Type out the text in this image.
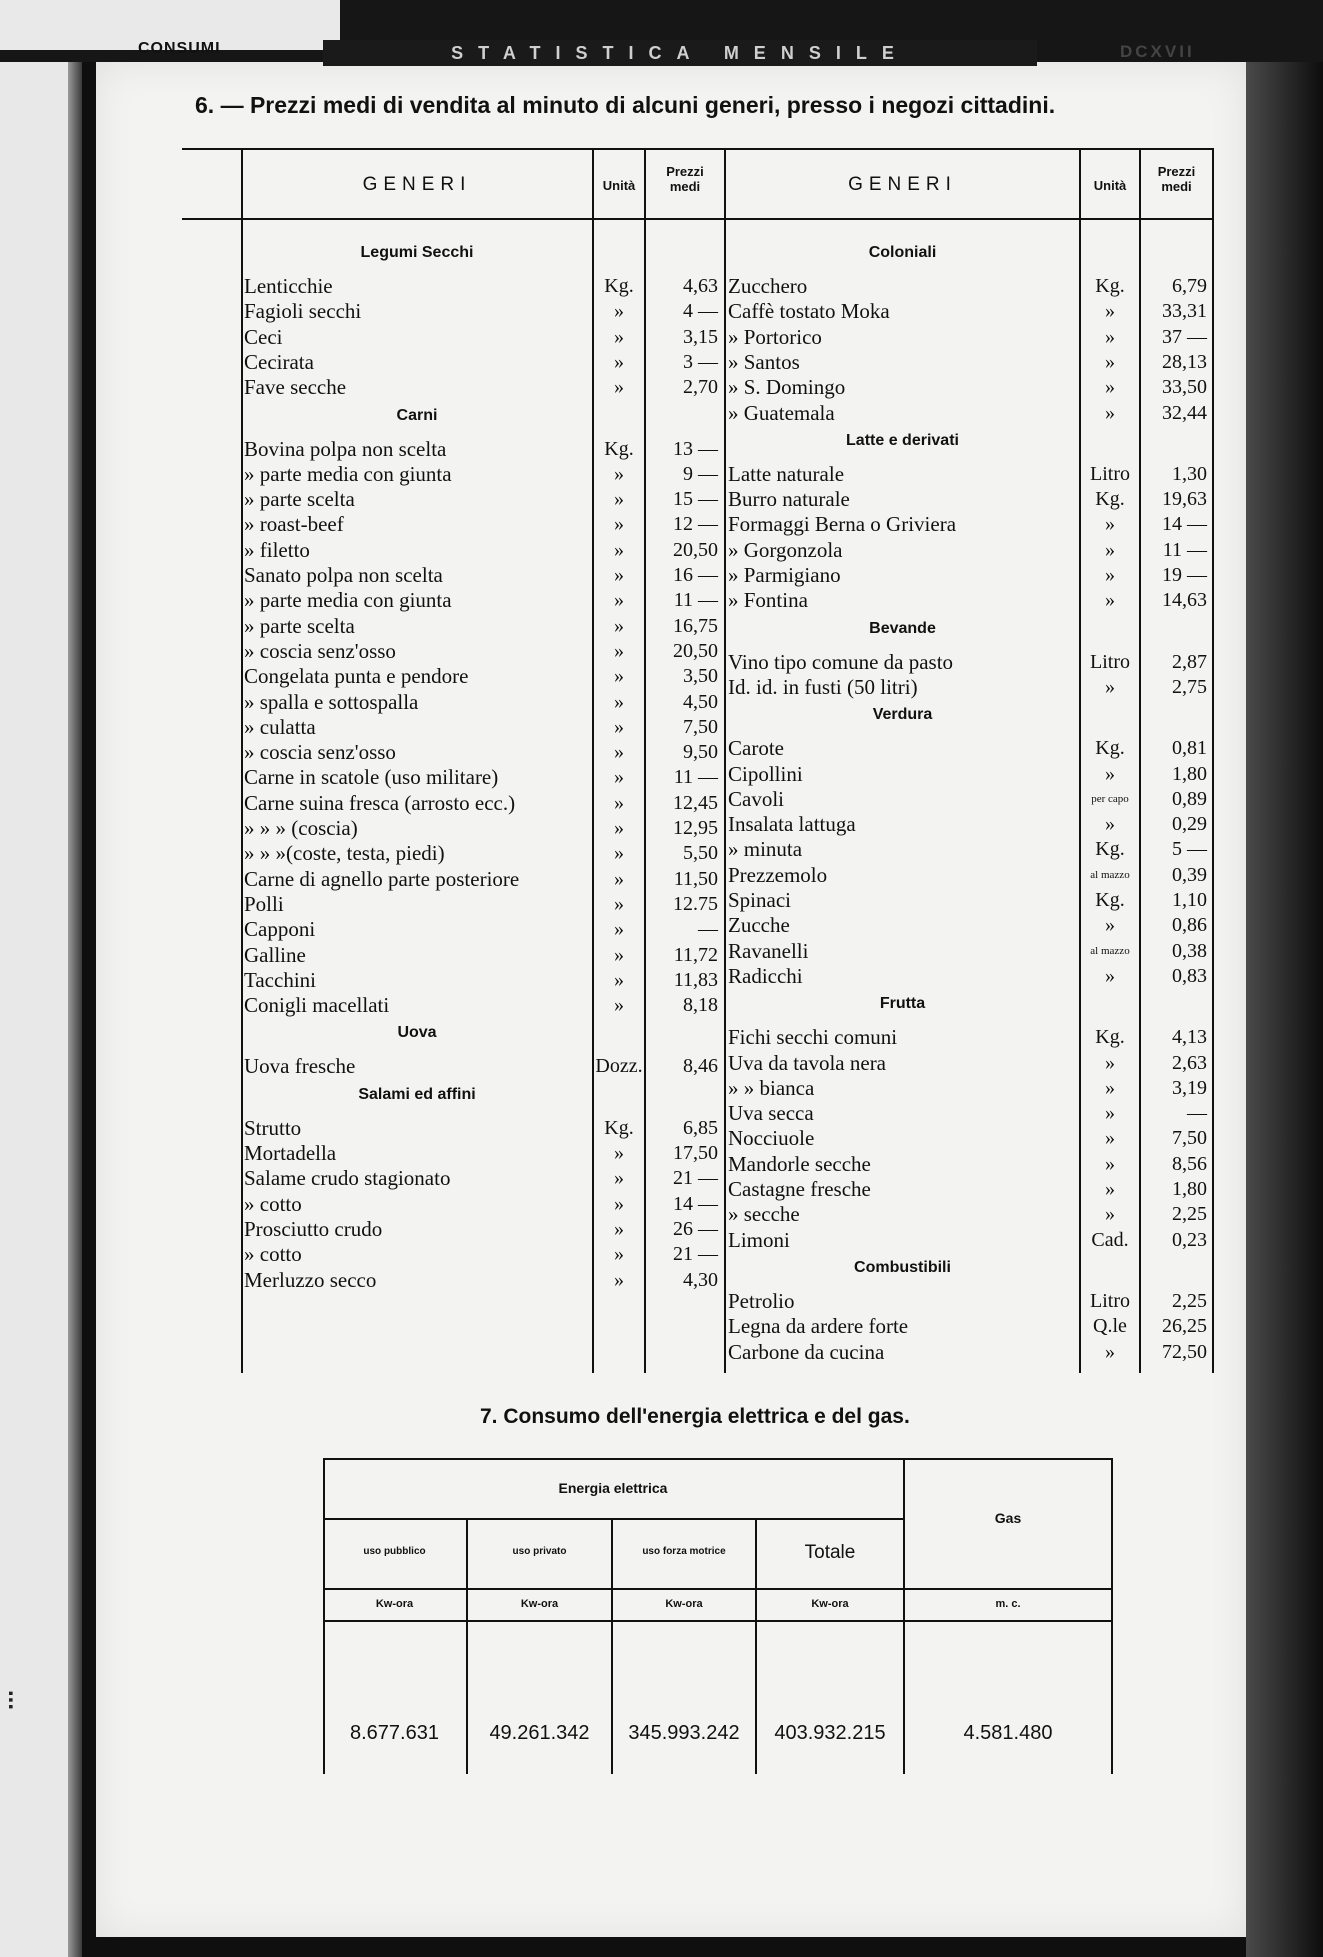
...
CONSUMI	STATISTICA MENSILE	DCXVII
6. — Prezzi medi di vendita al minuto di alcuni generi, presso i negozi cittadini.
GENERI	Unità
Prezzi
medi	GENERI	Unità
Prezzi
medi
Legumi Secchi
Lenticchie	Kg.	4,63
Fagioli secchi	»	4 —
Ceci	»	3,15
Cecirata	»	3 —
Fave secche	»	2,70
Carni
Bovina polpa non scelta	Kg.	13 —
» parte media con giunta	»	9 —
» parte scelta	»	15 —
» roast-beef	»	12 —
» filetto	»	20,50
Sanato polpa non scelta	»	16 —
» parte media con giunta	»	11 —
» parte scelta	»	16,75
» coscia senz'osso	»	20,50
Congelata punta e pendore	»	3,50
» spalla e sottospalla	»	4,50
» culatta	»	7,50
» coscia senz'osso	»	9,50
Carne in scatole (uso militare)	»	11 —
Carne suina fresca (arrosto ecc.)	»	12,45
» » » (coscia)	»	12,95
» » »(coste, testa, piedi)	»	5,50
Carne di agnello parte posteriore	»	11,50
Polli	»	12.75
Capponi	»	—
Galline	»	11,72
Tacchini	»	11,83
Conigli macellati	»	8,18
Uova
Uova fresche	Dozz.	8,46
Salami ed affini
Strutto	Kg.	6,85
Mortadella	»	17,50
Salame crudo stagionato	»	21 —
» cotto	»	14 —
Prosciutto crudo	»	26 —
» cotto	»	21 —
Merluzzo secco	»	4,30
Coloniali
Zucchero	Kg.	6,79
Caffè tostato Moka	»	33,31
» Portorico	»	37 —
» Santos	»	28,13
» S. Domingo	»	33,50
» Guatemala	»	32,44
Latte e derivati
Latte naturale	Litro	1,30
Burro naturale	Kg.	19,63
Formaggi Berna o Griviera	»	14 —
» Gorgonzola	»	11 —
» Parmigiano	»	19 —
» Fontina	»	14,63
Bevande
Vino tipo comune da pasto	Litro	2,87
Id. id. in fusti (50 litri)	»	2,75
Verdura
Carote	Kg.	0,81
Cipollini	»	1,80
Cavoli	per capo	0,89
Insalata lattuga	»	0,29
» minuta	Kg.	5 —
Prezzemolo	al mazzo	0,39
Spinaci	Kg.	1,10
Zucche	»	0,86
Ravanelli	al mazzo	0,38
Radicchi	»	0,83
Frutta
Fichi secchi comuni	Kg.	4,13
Uva da tavola nera	»	2,63
» » bianca	»	3,19
Uva secca	»	—
Nocciuole	»	7,50
Mandorle secche	»	8,56
Castagne fresche	»	1,80
» secche	»	2,25
Limoni	Cad.	0,23
Combustibili
Petrolio	Litro	2,25
Legna da ardere forte	Q.le	26,25
Carbone da cucina	»	72,50
7. Consumo dell'energia elettrica e del gas.
Energia elettrica
Gas
uso pubblico	uso privato	uso forza motrice	Totale
Kw-ora	Kw-ora	Kw-ora	Kw-ora	m. c.
8.677.631	49.261.342	345.993.242	403.932.215	4.581.480
